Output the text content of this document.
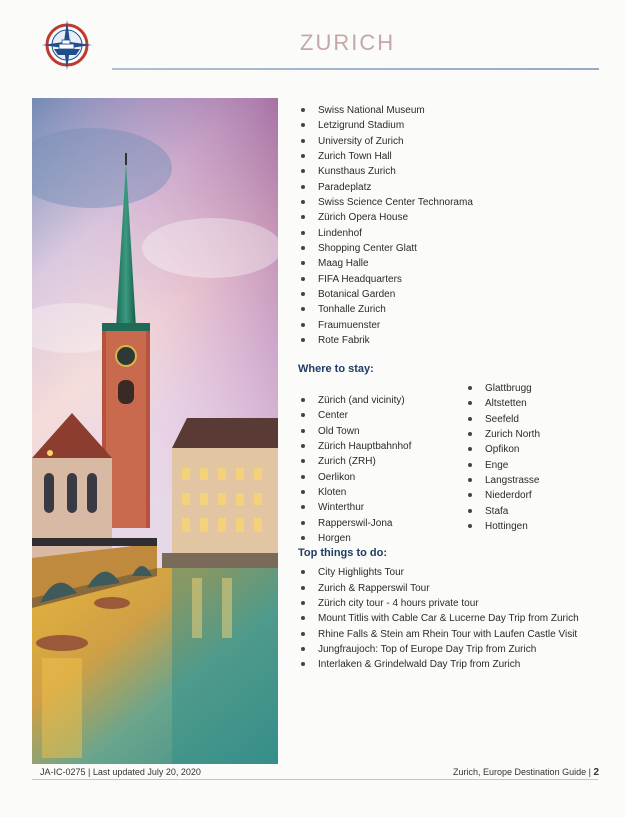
ZURICH
Swiss National Museum
Letzigrund Stadium
University of Zurich
Zurich Town Hall
Kunsthaus Zurich
Paradeplatz
Swiss Science Center Technorama
Zürich Opera House
Lindenhof
Shopping Center Glatt
Maag Halle
FIFA Headquarters
Botanical Garden
Tonhalle Zurich
Fraumuenster
Rote Fabrik
Where to stay:
Zürich (and vicinity)
Center
Old Town
Zürich Hauptbahnhof
Zurich (ZRH)
Oerlikon
Kloten
Winterthur
Rapperswil-Jona
Horgen
Glattbrugg
Altstetten
Seefeld
Zurich North
Opfikon
Enge
Langstrasse
Niederdorf
Stafa
Hottingen
Top things to do:
City Highlights Tour
Zurich & Rapperswil Tour
Zürich city tour - 4 hours private tour
Mount Titlis with Cable Car & Lucerne Day Trip from Zurich
Rhine Falls & Stein am Rhein Tour with Laufen Castle Visit
Jungfraujoch: Top of Europe Day Trip from Zurich
Interlaken & Grindelwald Day Trip from Zurich
JA-IC-0275 | Last updated July 20, 2020	Zurich, Europe Destination Guide | 2
